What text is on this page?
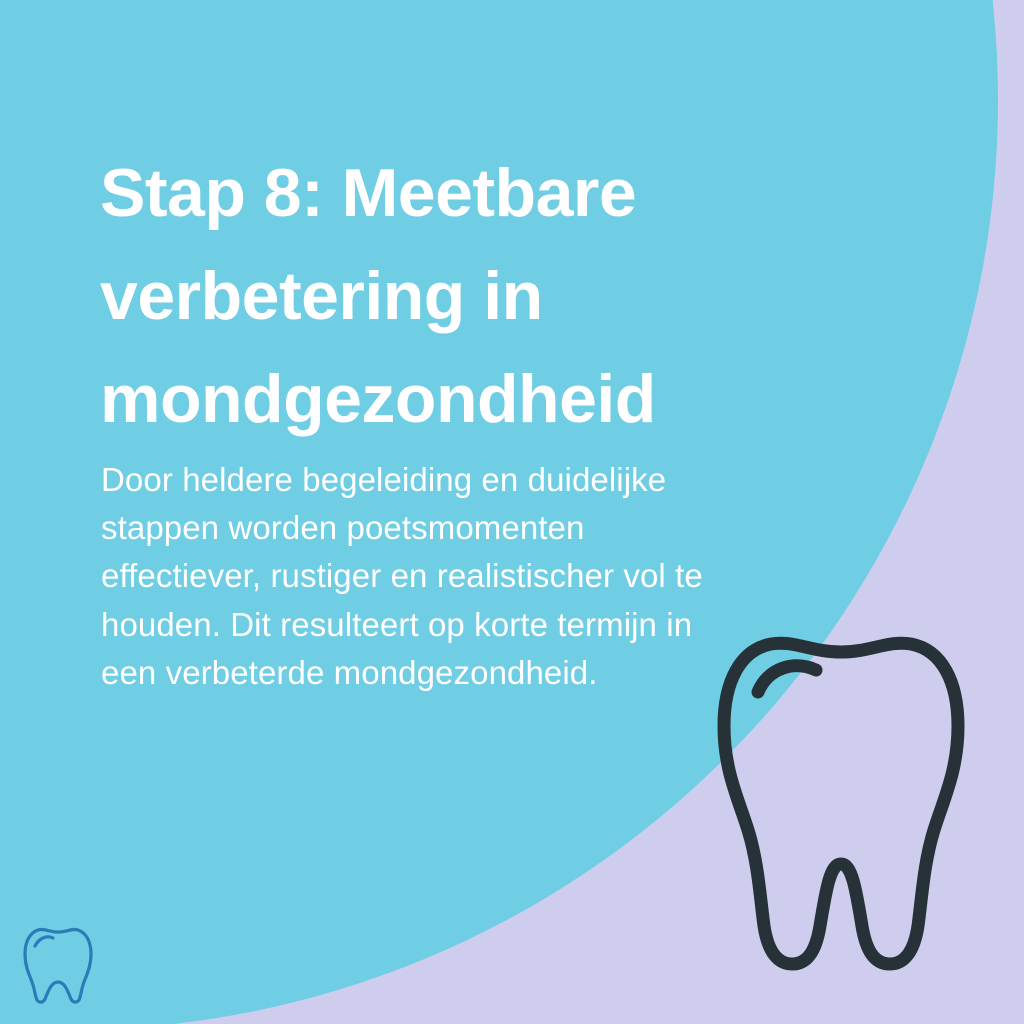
Stap 8: Meetbare verbetering in mondgezondheid

Door heldere begeleiding en duidelijke stappen worden poetsmomenten effectiever, rustiger en realistischer vol te houden. Dit resulteert op korte termijn in een verbeterde mondgezondheid.
